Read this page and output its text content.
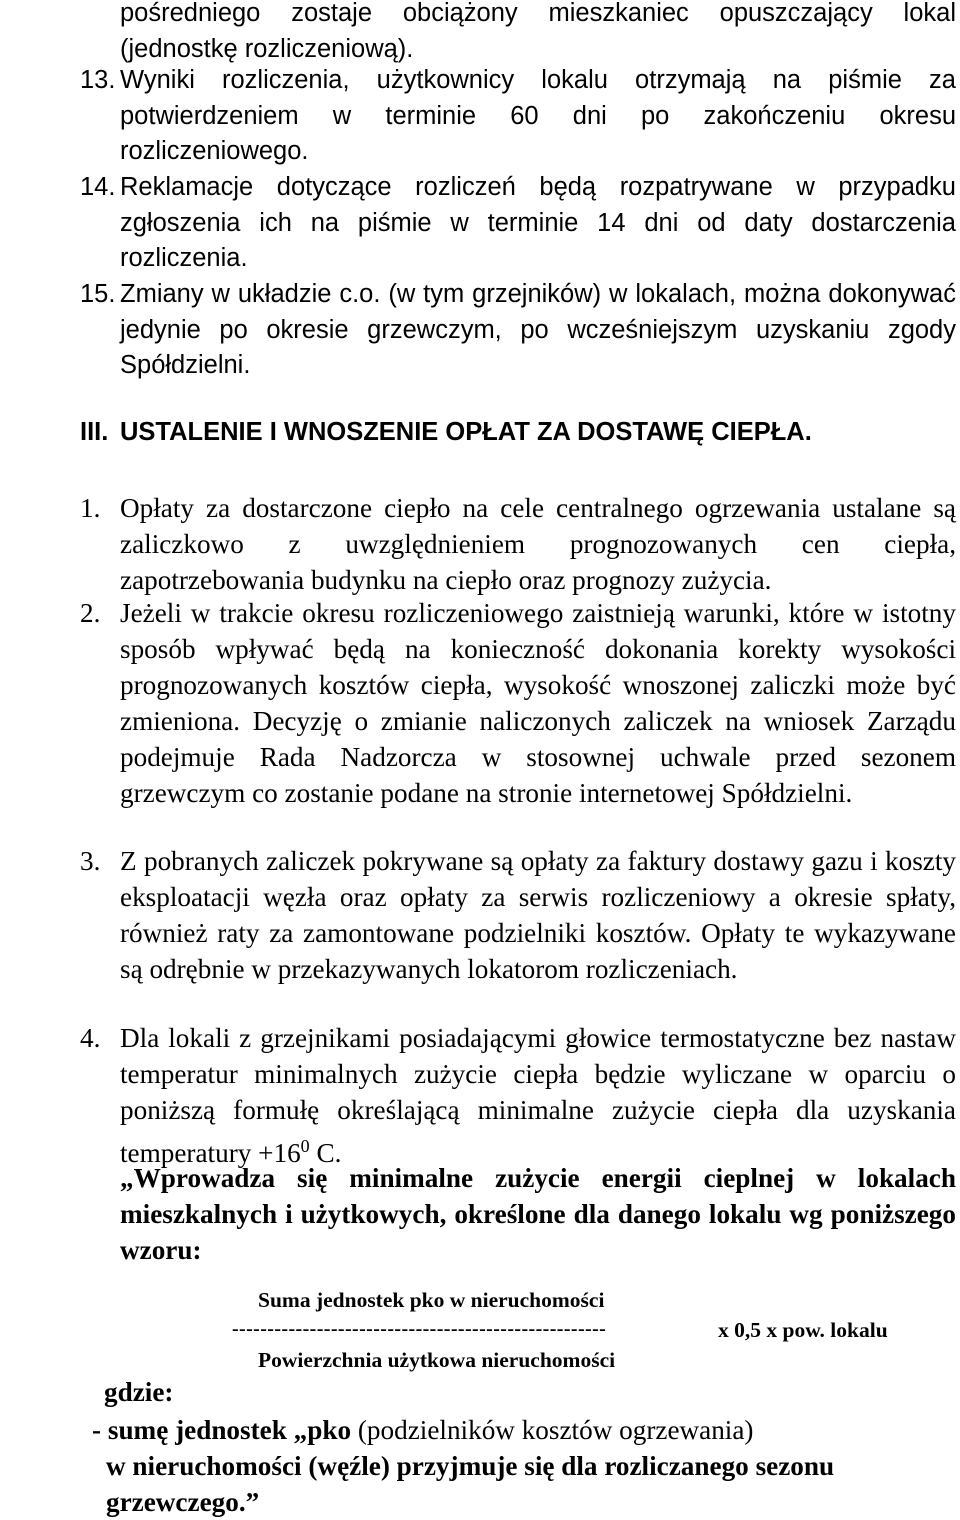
pośredniego zostaje obciążony mieszkaniec opuszczający lokal (jednostkę rozliczeniową).
13. Wyniki rozliczenia, użytkownicy lokalu otrzymają na piśmie za potwierdzeniem w terminie 60 dni po zakończeniu okresu rozliczeniowego.
14. Reklamacje dotyczące rozliczeń będą rozpatrywane w przypadku zgłoszenia ich na piśmie w terminie 14 dni od daty dostarczenia rozliczenia.
15. Zmiany w układzie c.o. (w tym grzejników) w lokalach, można dokonywać jedynie po okresie grzewczym, po wcześniejszym uzyskaniu zgody Spółdzielni.
III. USTALENIE I WNOSZENIE OPŁAT ZA DOSTAWĘ CIEPŁA.
1. Opłaty za dostarczone ciepło na cele centralnego ogrzewania ustalane są zaliczkowo z uwzględnieniem prognozowanych cen ciepła, zapotrzebowania budynku na ciepło oraz prognozy zużycia.
2. Jeżeli w trakcie okresu rozliczeniowego zaistnieją warunki, które w istotny sposób wpływać będą na konieczność dokonania korekty wysokości prognozowanych kosztów ciepła, wysokość wnoszonej zaliczki może być zmieniona. Decyzję o zmianie naliczonych zaliczek na wniosek Zarządu podejmuje Rada Nadzorcza w stosownej uchwale przed sezonem grzewczym co zostanie podane na stronie internetowej Spółdzielni.
3. Z pobranych zaliczek pokrywane są opłaty za faktury dostawy gazu i koszty eksploatacji węzła oraz opłaty za serwis rozliczeniowy a okresie spłaty, również raty za zamontowane podzielniki kosztów. Opłaty te wykazywane są odrębnie w przekazywanych lokatorom rozliczeniach.
4. Dla lokali z grzejnikami posiadającymi głowice termostatyczne bez nastaw temperatur minimalnych zużycie ciepła będzie wyliczane w oparciu o poniższą formułę określającą minimalne zużycie ciepła dla uzyskania temperatury $+16^0$ C.
„Wprowadza się minimalne zużycie energii cieplnej w lokalach mieszkalnych i użytkowych, określone dla danego lokalu wg poniższego wzoru:
Suma jednostek pko w nieruchomości
-----------------------------------------------------	x 0,5 x pow. lokalu
Powierzchnia użytkowa nieruchomości
gdzie:
- sumę jednostek „pko (podzielników kosztów ogrzewania)
w nieruchomości (węźle) przyjmuje się dla rozliczanego sezonu
grzewczego.”
